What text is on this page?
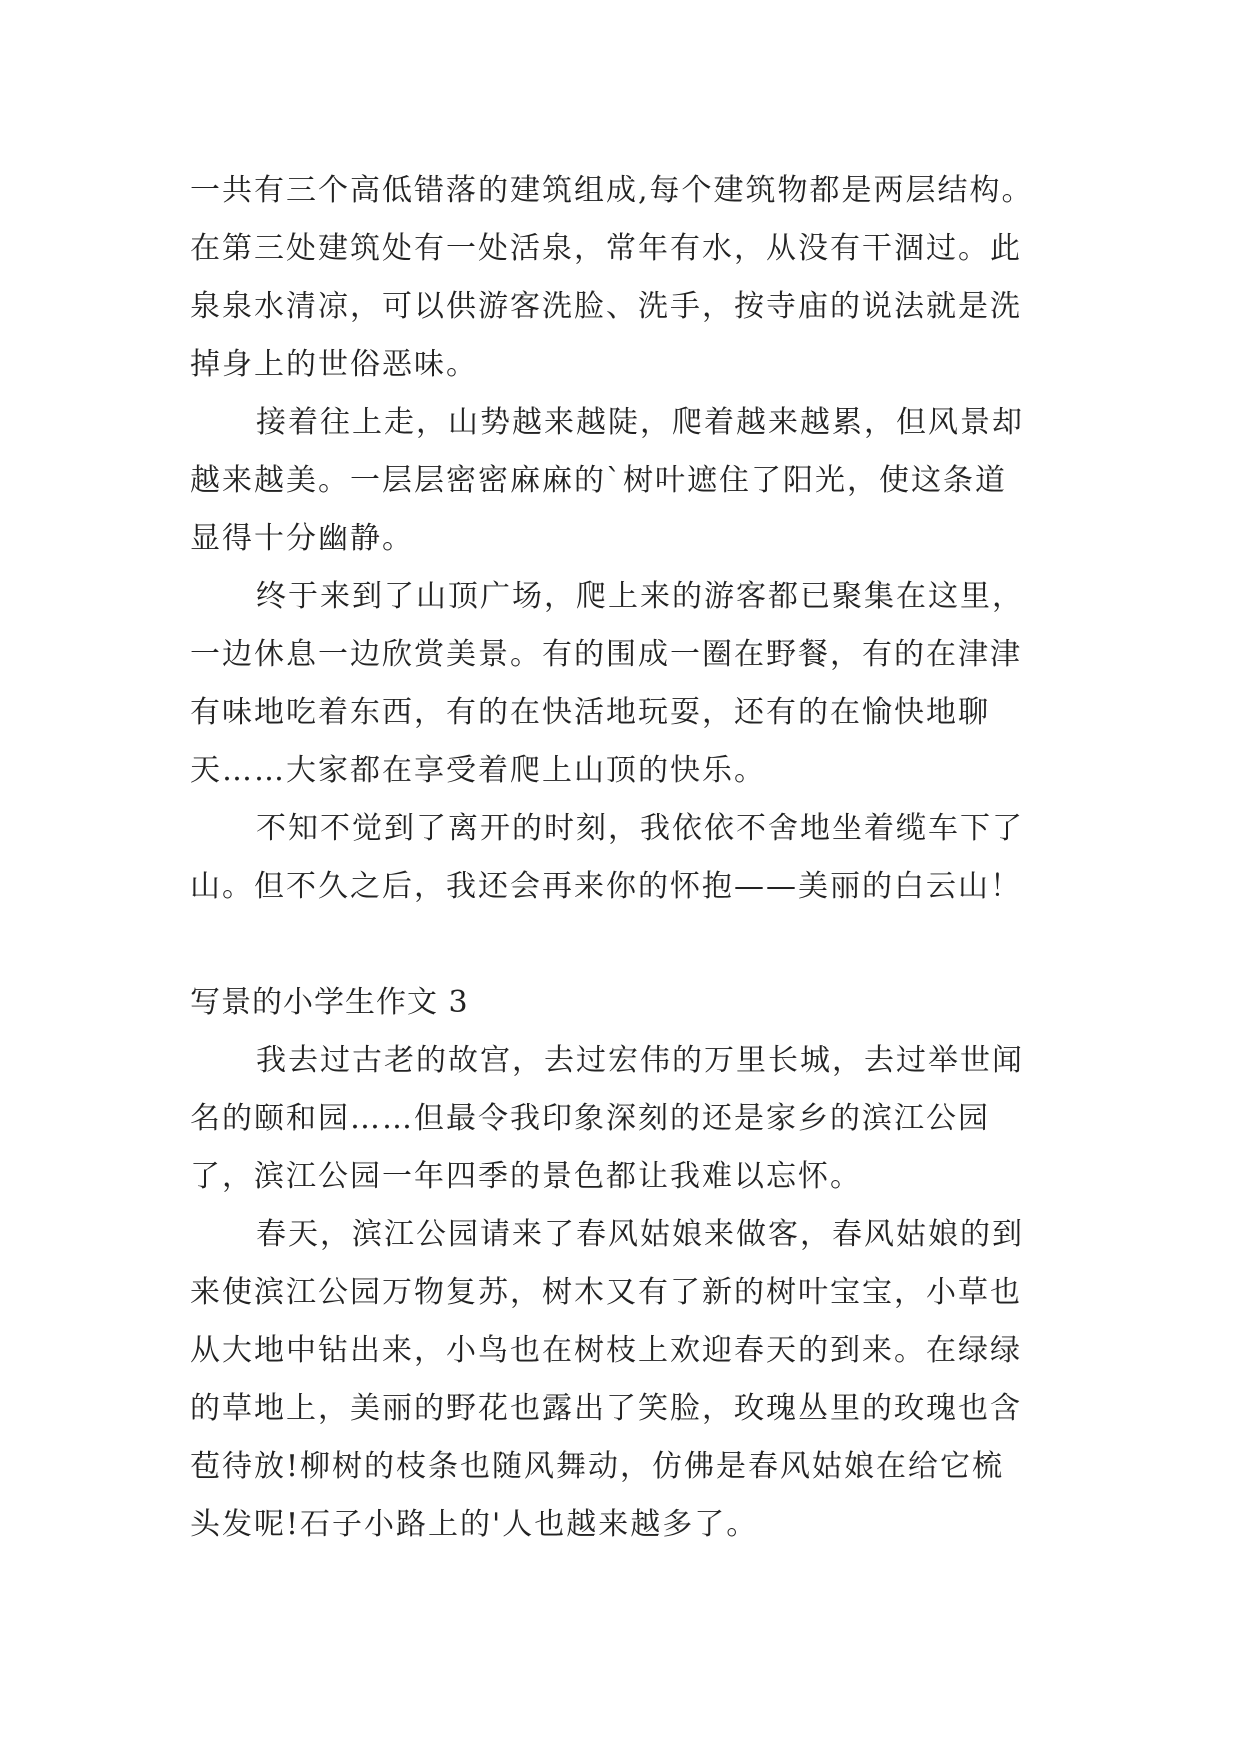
一共有三个高低错落的建筑组成,每个建筑物都是两层结构。
在第三处建筑处有一处活泉，常年有水，从没有干涸过。此
泉泉水清凉，可以供游客洗脸、洗手，按寺庙的说法就是洗
掉身上的世俗恶味。
接着往上走，山势越来越陡，爬着越来越累，但风景却
越来越美。一层层密密麻麻的`树叶遮住了阳光，使这条道
显得十分幽静。
终于来到了山顶广场，爬上来的游客都已聚集在这里，
一边休息一边欣赏美景。有的围成一圈在野餐，有的在津津
有味地吃着东西，有的在快活地玩耍，还有的在愉快地聊
天……大家都在享受着爬上山顶的快乐。
不知不觉到了离开的时刻，我依依不舍地坐着缆车下了
山。但不久之后，我还会再来你的怀抱——美丽的白云山！
写景的小学生作文 3
我去过古老的故宫，去过宏伟的万里长城，去过举世闻
名的颐和园……但最令我印象深刻的还是家乡的滨江公园
了，滨江公园一年四季的景色都让我难以忘怀。
春天，滨江公园请来了春风姑娘来做客，春风姑娘的到
来使滨江公园万物复苏，树木又有了新的树叶宝宝，小草也
从大地中钻出来，小鸟也在树枝上欢迎春天的到来。在绿绿
的草地上，美丽的野花也露出了笑脸，玫瑰丛里的玫瑰也含
苞待放!柳树的枝条也随风舞动，仿佛是春风姑娘在给它梳
头发呢!石子小路上的'人也越来越多了。
